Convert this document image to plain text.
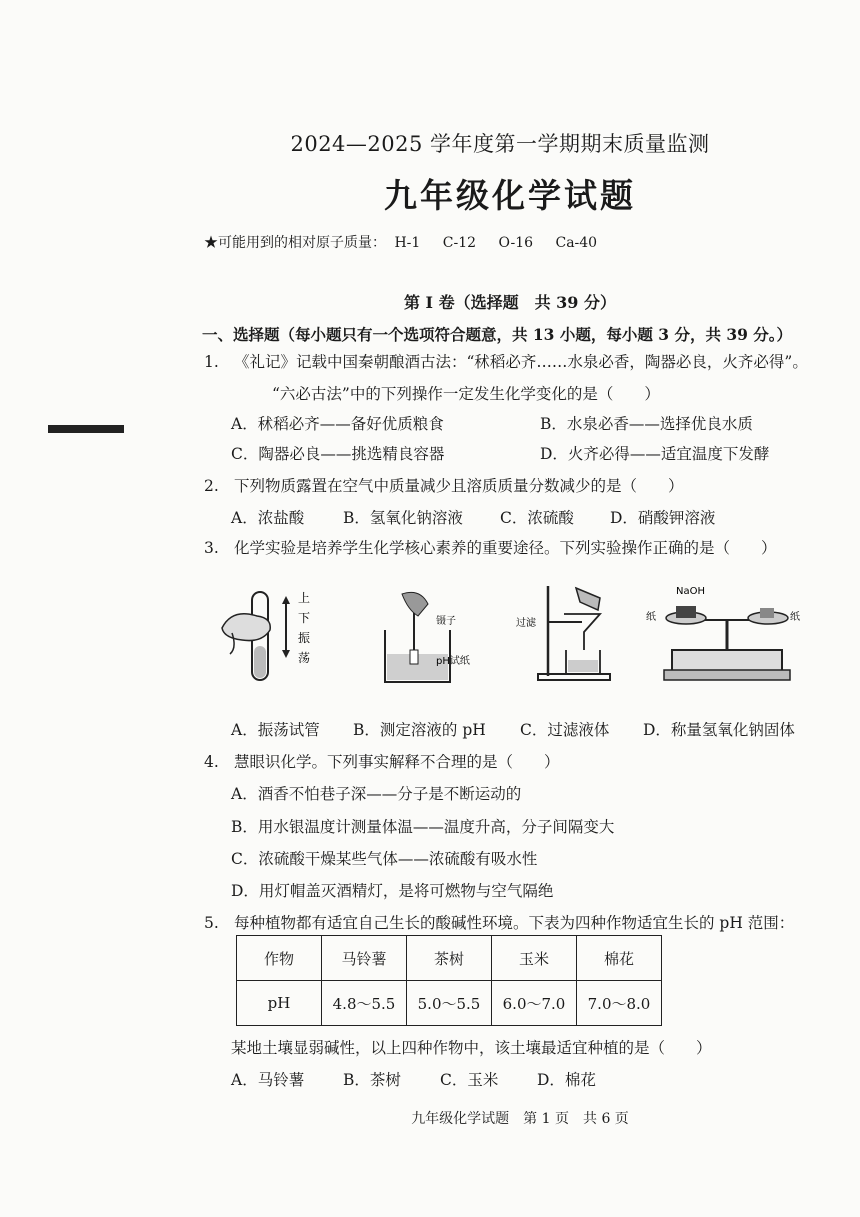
2024—2025 学年度第一学期期末质量监测
九年级化学试题
★可能用到的相对原子质量： H-1 C-12 O-16 Ca-40
第 I 卷（选择题　共 39 分）
一、选择题（每小题只有一个选项符合题意，共 13 小题，每小题 3 分，共 39 分。）
1. 《礼记》记载中国秦朝酿酒古法：“秫稻必齐……水泉必香，陶器必良，火齐必得”。
“六必古法”中的下列操作一定发生化学变化的是（　　）
A．秫稻必齐——备好优质粮食	B．水泉必香——选择优良水质
C．陶器必良——挑选精良容器	D．火齐必得——适宜温度下发酵
2. 下列物质露置在空气中质量减少且溶质质量分数减少的是（　　）
A．浓盐酸	B．氢氧化钠溶液 C．浓硫酸 D．硝酸钾溶液
3. 化学实验是培养学生化学核心素养的重要途径。下列实验操作正确的是（　　）
上
下
振
荡
镊子
pH试纸
过滤
NaOH
纸	纸
A．振荡试管 B．测定溶液的 pH C．过滤液体 D．称量氢氧化钠固体
4. 慧眼识化学。下列事实解释不合理的是（　　）
A．酒香不怕巷子深——分子是不断运动的
B．用水银温度计测量体温——温度升高，分子间隔变大
C．浓硫酸干燥某些气体——浓硫酸有吸水性
D．用灯帽盖灭酒精灯，是将可燃物与空气隔绝
5. 每种植物都有适宜自己生长的酸碱性环境。下表为四种作物适宜生长的 pH 范围：
作物	马铃薯	茶树	玉米	棉花
pH	4.8～5.5	5.0～5.5	6.0～7.0	7.0～8.0
某地土壤显弱碱性，以上四种作物中，该土壤最适宜种植的是（　　）
A．马铃薯	B．茶树	C．玉米 D．棉花
九年级化学试题　第 1 页　共 6 页
